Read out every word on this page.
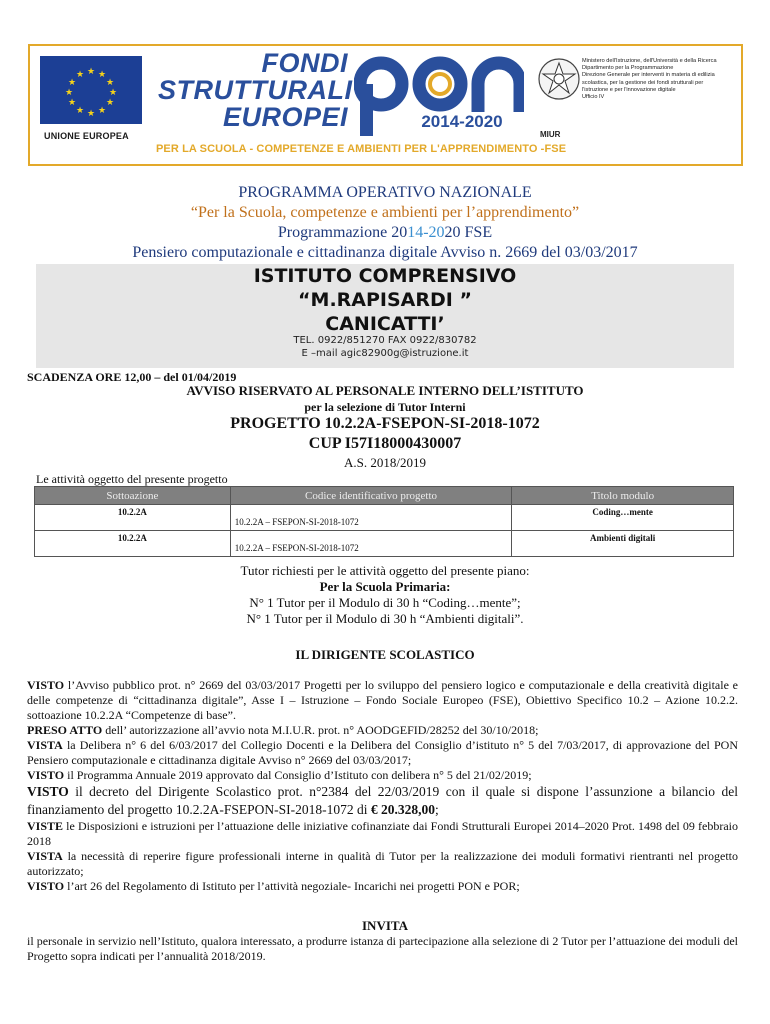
★ ★
★
★
★
★
★
★
★
★
★
★
UNIONE EUROPEA
FONDI
STRUTTURALI
EUROPEI	2014-2020
PER LA SCUOLA - COMPETENZE E AMBIENTI PER L'APPRENDIMENTO -FSE
Ministero dell'Istruzione, dell'Università e della Ricerca
Dipartimento per la Programmazione
Direzione Generale per interventi in materia di edilizia
scolastica, per la gestione dei fondi strutturali per
l'istruzione e per l'innovazione digitale
Ufficio IV
MIUR
PROGRAMMA OPERATIVO NAZIONALE
“Per la Scuola, competenze e ambienti per l’apprendimento”
Programmazione 2014-2020 FSE
Pensiero computazionale e cittadinanza digitale Avviso n. 2669 del 03/03/2017
ISTITUTO COMPRENSIVO
“M.RAPISARDI ”
CANICATTI’
TEL. 0922/851270 FAX 0922/830782
E –mail agic82900g@istruzione.it
SCADENZA ORE 12,00 – del 01/04/2019
AVVISO RISERVATO AL PERSONALE INTERNO DELL’ISTITUTO
per la selezione di Tutor Interni
PROGETTO 10.2.2A-FSEPON-SI-2018-1072
CUP I57I18000430007
A.S. 2018/2019
Le attività oggetto del presente progetto
Sottoazione	Codice identificativo progetto	Titolo modulo
10.2.2A	10.2.2A – FSEPON-SI-2018-1072	Coding…mente
10.2.2A	10.2.2A – FSEPON-SI-2018-1072	Ambienti digitali
Tutor richiesti per le attività oggetto del presente piano:
Per la Scuola Primaria:
N° 1 Tutor per il Modulo di 30 h “Coding…mente”;
N° 1 Tutor per il Modulo di 30 h “Ambienti digitali”.
IL DIRIGENTE SCOLASTICO
VISTO l’Avviso pubblico prot. n° 2669 del 03/03/2017 Progetti per lo sviluppo del pensiero logico e computazionale e della creatività digitale e delle competenze di “cittadinanza digitale”, Asse I – Istruzione – Fondo Sociale Europeo (FSE), Obiettivo Specifico 10.2 – Azione 10.2.2. sottoazione 10.2.2A “Competenze di base”.
PRESO ATTO dell’ autorizzazione all’avvio nota M.I.U.R. prot. n° AOODGEFID/28252 del 30/10/2018;
VISTA la Delibera n° 6 del 6/03/2017 del Collegio Docenti e la Delibera del Consiglio d’istituto n° 5 del 7/03/2017, di approvazione del PON Pensiero computazionale e cittadinanza digitale Avviso n° 2669 del 03/03/2017;
VISTO il Programma Annuale 2019 approvato dal Consiglio d’Istituto con delibera n° 5 del 21/02/2019;
VISTO il decreto del Dirigente Scolastico prot. n°2384 del 22/03/2019 con il quale si dispone l’assunzione a bilancio del finanziamento del progetto 10.2.2A-FSEPON-SI-2018-1072 di € 20.328,00;
VISTE le Disposizioni e istruzioni per l’attuazione delle iniziative cofinanziate dai Fondi Strutturali Europei 2014–2020 Prot. 1498 del 09 febbraio 2018
VISTA la necessità di reperire figure professionali interne in qualità di Tutor per la realizzazione dei moduli formativi rientranti nel progetto autorizzato;
VISTO l’art 26 del Regolamento di Istituto per l’attività negoziale- Incarichi nei progetti PON e POR;
INVITA
il personale in servizio nell’Istituto, qualora interessato, a produrre istanza di partecipazione alla selezione di 2 Tutor per l’attuazione dei moduli del Progetto sopra indicati per l’annualità 2018/2019.
